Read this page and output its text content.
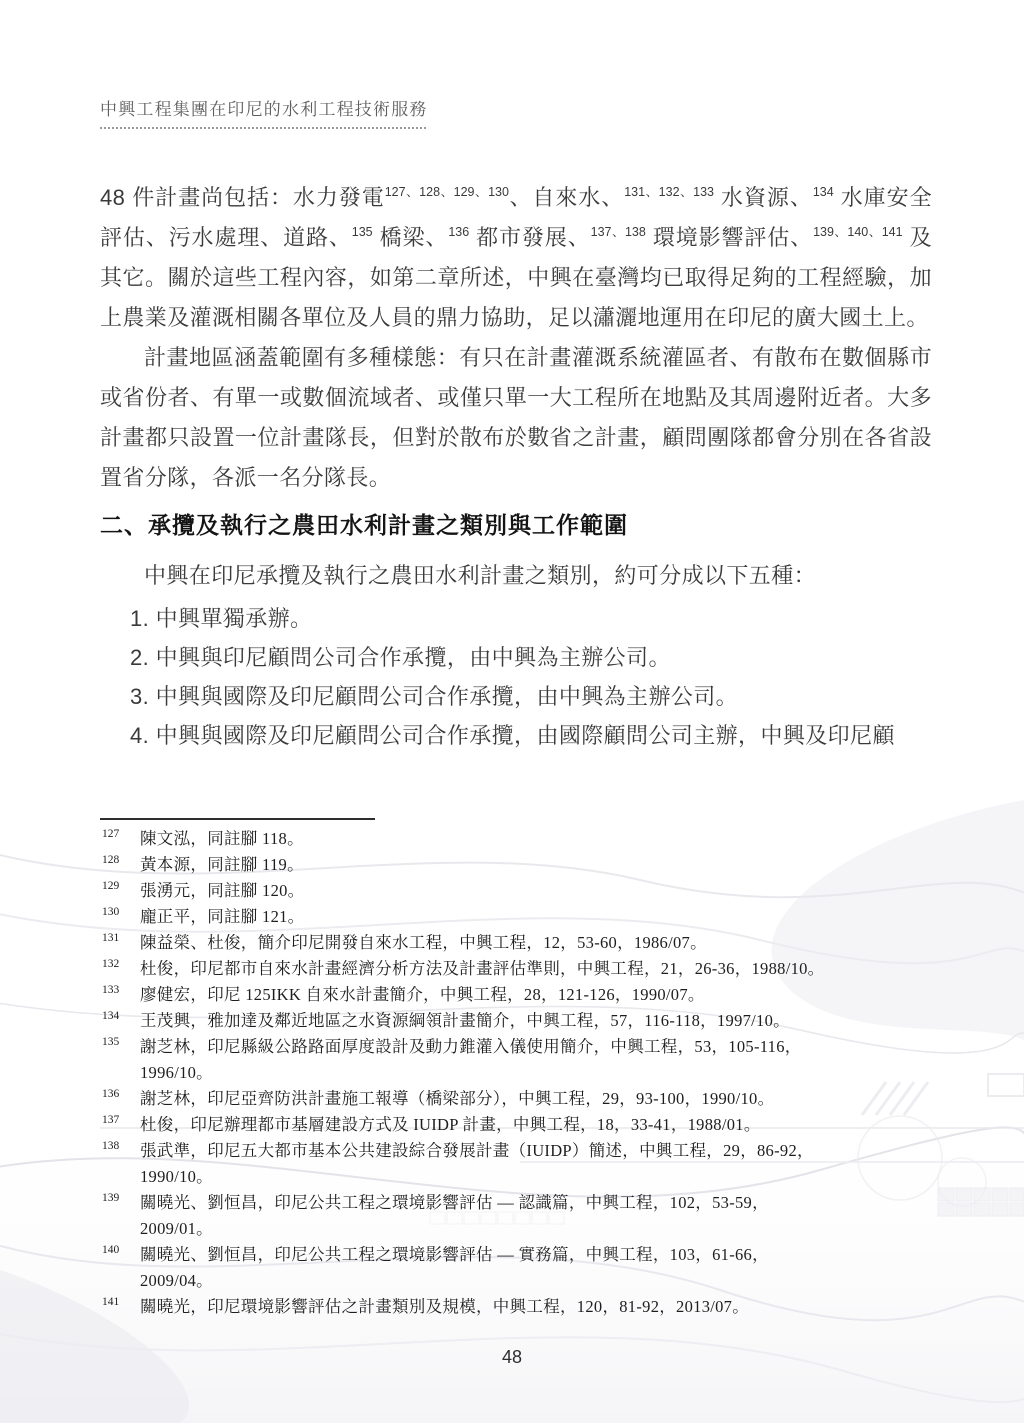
中興工程集團在印尼的水利工程技術服務
48 件計畫尚包括：水力發電$^{127、128、129、130}$、自來水、$^{131、132、133}$ 水資源、$^{134}$ 水庫安全評估、污水處理、道路、$^{135}$ 橋梁、$^{136}$ 都市發展、$^{137、138}$ 環境影響評估、$^{139、140、141}$ 及其它。關於這些工程內容，如第二章所述，中興在臺灣均已取得足夠的工程經驗，加上農業及灌溉相關各單位及人員的鼎力協助，足以瀟灑地運用在印尼的廣大國土上。
計畫地區涵蓋範圍有多種樣態：有只在計畫灌溉系統灌區者、有散布在數個縣市或省份者、有單一或數個流域者、或僅只單一大工程所在地點及其周邊附近者。大多計畫都只設置一位計畫隊長，但對於散布於數省之計畫，顧問團隊都會分別在各省設置省分隊，各派一名分隊長。
二、承攬及執行之農田水利計畫之類別與工作範圍
中興在印尼承攬及執行之農田水利計畫之類別，約可分成以下五種：
1. 中興單獨承辦。
2. 中興與印尼顧問公司合作承攬，由中興為主辦公司。
3. 中興與國際及印尼顧問公司合作承攬，由中興為主辦公司。
4. 中興與國際及印尼顧問公司合作承攬，由國際顧問公司主辦，中興及印尼顧
127 陳文泓，同註腳 118。
128 黃本源，同註腳 119。
129 張湧元，同註腳 120。
130 龐正平，同註腳 121。
131 陳益榮、杜俊，簡介印尼開發自來水工程，中興工程，12，53-60，1986/07。
132 杜俊，印尼都市自來水計畫經濟分析方法及計畫評估準則，中興工程，21，26-36，1988/10。
133 廖健宏，印尼 125IKK 自來水計畫簡介，中興工程，28，121-126，1990/07。
134 王茂興，雅加達及鄰近地區之水資源綱領計畫簡介，中興工程，57，116-118，1997/10。
135 謝芝林，印尼縣級公路路面厚度設計及動力錐灌入儀使用簡介，中興工程，53，105-116，
1996/10。
136 謝芝林，印尼亞齊防洪計畫施工報導（橋梁部分），中興工程，29，93-100，1990/10。
137 杜俊，印尼辦理都市基層建設方式及 IUIDP 計畫，中興工程，18，33-41，1988/01。
138 張武準，印尼五大都市基本公共建設綜合發展計畫（IUIDP）簡述，中興工程，29，86-92，
1990/10。
139 關曉光、劉恒昌，印尼公共工程之環境影響評估 — 認識篇，中興工程，102，53-59，
2009/01。
140 關曉光、劉恒昌，印尼公共工程之環境影響評估 — 實務篇，中興工程，103，61-66，
2009/04。
141 關曉光，印尼環境影響評估之計畫類別及規模，中興工程，120，81-92，2013/07。
48
